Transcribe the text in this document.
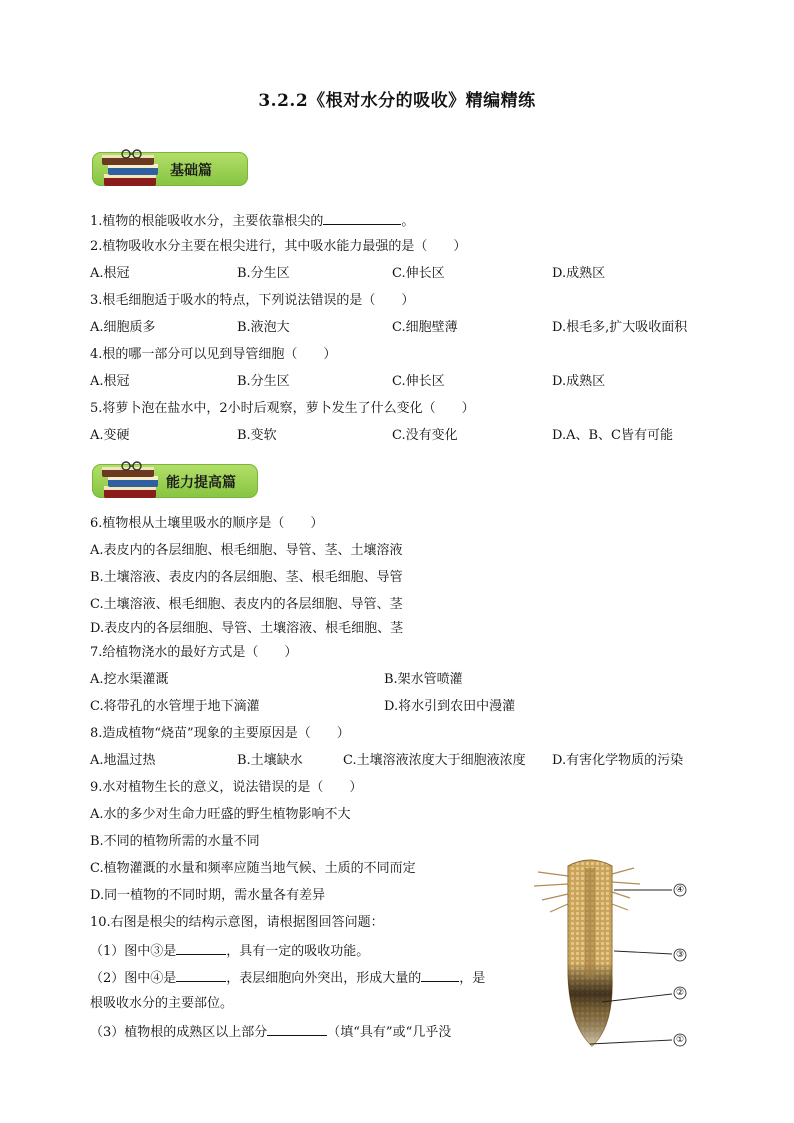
3.2.2《根对水分的吸收》精编精练
基础篇
1.植物的根能吸收水分，主要依靠根尖的	。
2.植物吸收水分主要在根尖进行，其中吸水能力最强的是（　　）
A.根冠	B.分生区	C.伸长区	D.成熟区
3.根毛细胞适于吸水的特点，下列说法错误的是（　　）
A.细胞质多	B.液泡大	C.细胞壁薄	D.根毛多,扩大吸收面积
4.根的哪一部分可以见到导管细胞（　　）
A.根冠	B.分生区	C.伸长区	D.成熟区
5.将萝卜泡在盐水中，2小时后观察，萝卜发生了什么变化（　　）
A.变硬	B.变软	C.没有变化	D.A、B、C皆有可能
能力提高篇
6.植物根从土壤里吸水的顺序是（　　）
A.表皮内的各层细胞、根毛细胞、导管、茎、土壤溶液
B.土壤溶液、表皮内的各层细胞、茎、根毛细胞、导管
C.土壤溶液、根毛细胞、表皮内的各层细胞、导管、茎
D.表皮内的各层细胞、导管、土壤溶液、根毛细胞、茎
7.给植物浇水的最好方式是（　　）
A.挖水渠灌溉	B.架水管喷灌
C.将带孔的水管埋于地下滴灌	D.将水引到农田中漫灌
8.造成植物“烧苗”现象的主要原因是（　　）
A.地温过热	B.土壤缺水	C.土壤溶液浓度大于细胞液浓度 D.有害化学物质的污染
9.水对植物生长的意义，说法错误的是（　　）
A.水的多少对生命力旺盛的野生植物影响不大
B.不同的植物所需的水量不同
C.植物灌溉的水量和频率应随当地气候、土质的不同而定
D.同一植物的不同时期，需水量各有差异
10.右图是根尖的结构示意图，请根据图回答问题：
（1）图中③是	，具有一定的吸收功能。
（2）图中④是	，表层细胞向外突出，形成大量的	，是
根吸收水分的主要部位。
（3）植物根的成熟区以上部分	（填“具有”或“几乎没
④
③
②
①
